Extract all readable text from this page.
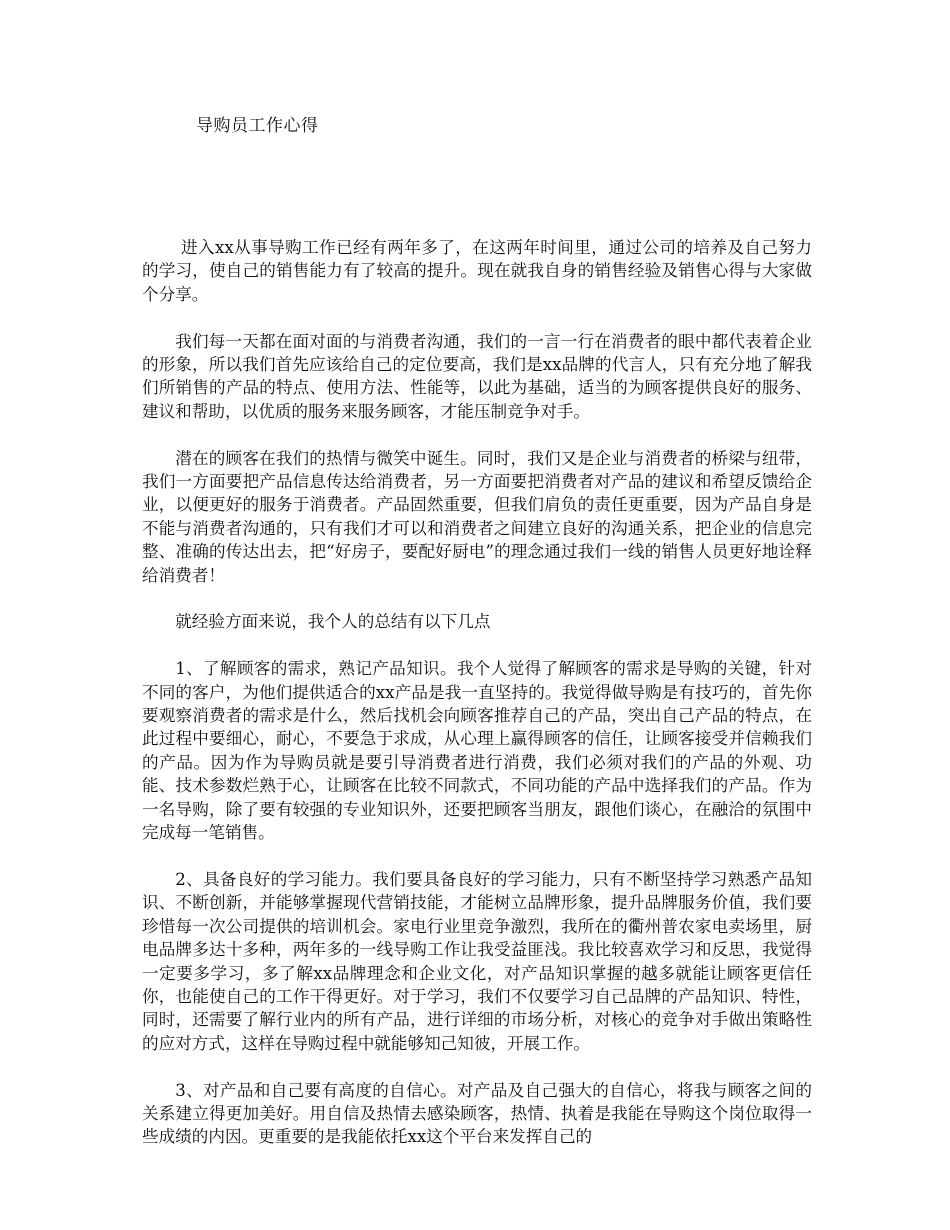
导购员工作心得

进入xx从事导购工作已经有两年多了，在这两年时间里，通过公司的培养及自己努力的学习，使自己的销售能力有了较高的提升。现在就我自身的销售经验及销售心得与大家做个分享。

我们每一天都在面对面的与消费者沟通，我们的一言一行在消费者的眼中都代表着企业的形象，所以我们首先应该给自己的定位要高，我们是xx品牌的代言人，只有充分地了解我们所销售的产品的特点、使用方法、性能等，以此为基础，适当的为顾客提供良好的服务、建议和帮助，以优质的服务来服务顾客，才能压制竞争对手。

潜在的顾客在我们的热情与微笑中诞生。同时，我们又是企业与消费者的桥梁与纽带，我们一方面要把产品信息传达给消费者，另一方面要把消费者对产品的建议和希望反馈给企业，以便更好的服务于消费者。产品固然重要，但我们肩负的责任更重要，因为产品自身是不能与消费者沟通的，只有我们才可以和消费者之间建立良好的沟通关系，把企业的信息完整、准确的传达出去，把“好房子，要配好厨电”的理念通过我们一线的销售人员更好地诠释给消费者！

就经验方面来说，我个人的总结有以下几点

1、了解顾客的需求，熟记产品知识。我个人觉得了解顾客的需求是导购的关键，针对不同的客户，为他们提供适合的xx产品是我一直坚持的。我觉得做导购是有技巧的，首先你要观察消费者的需求是什么，然后找机会向顾客推荐自己的产品，突出自己产品的特点，在此过程中要细心，耐心，不要急于求成，从心理上赢得顾客的信任，让顾客接受并信赖我们的产品。因为作为导购员就是要引导消费者进行消费，我们必须对我们的产品的外观、功能、技术参数烂熟于心，让顾客在比较不同款式，不同功能的产品中选择我们的产品。作为一名导购，除了要有较强的专业知识外，还要把顾客当朋友，跟他们谈心，在融洽的氛围中完成每一笔销售。

2、具备良好的学习能力。我们要具备良好的学习能力，只有不断坚持学习熟悉产品知识、不断创新，并能够掌握现代营销技能，才能树立品牌形象，提升品牌服务价值，我们要珍惜每一次公司提供的培训机会。家电行业里竞争激烈，我所在的衢州普农家电卖场里，厨电品牌多达十多种，两年多的一线导购工作让我受益匪浅。我比较喜欢学习和反思，我觉得一定要多学习，多了解xx品牌理念和企业文化，对产品知识掌握的越多就能让顾客更信任你，也能使自己的工作干得更好。对于学习，我们不仅要学习自己品牌的产品知识、特性，同时，还需要了解行业内的所有产品，进行详细的市场分析，对核心的竞争对手做出策略性的应对方式，这样在导购过程中就能够知己知彼，开展工作。

3、对产品和自己要有高度的自信心。对产品及自己强大的自信心，将我与顾客之间的关系建立得更加美好。用自信及热情去感染顾客，热情、执着是我能在导购这个岗位取得一些成绩的内因。更重要的是我能依托xx这个平台来发挥自己的
